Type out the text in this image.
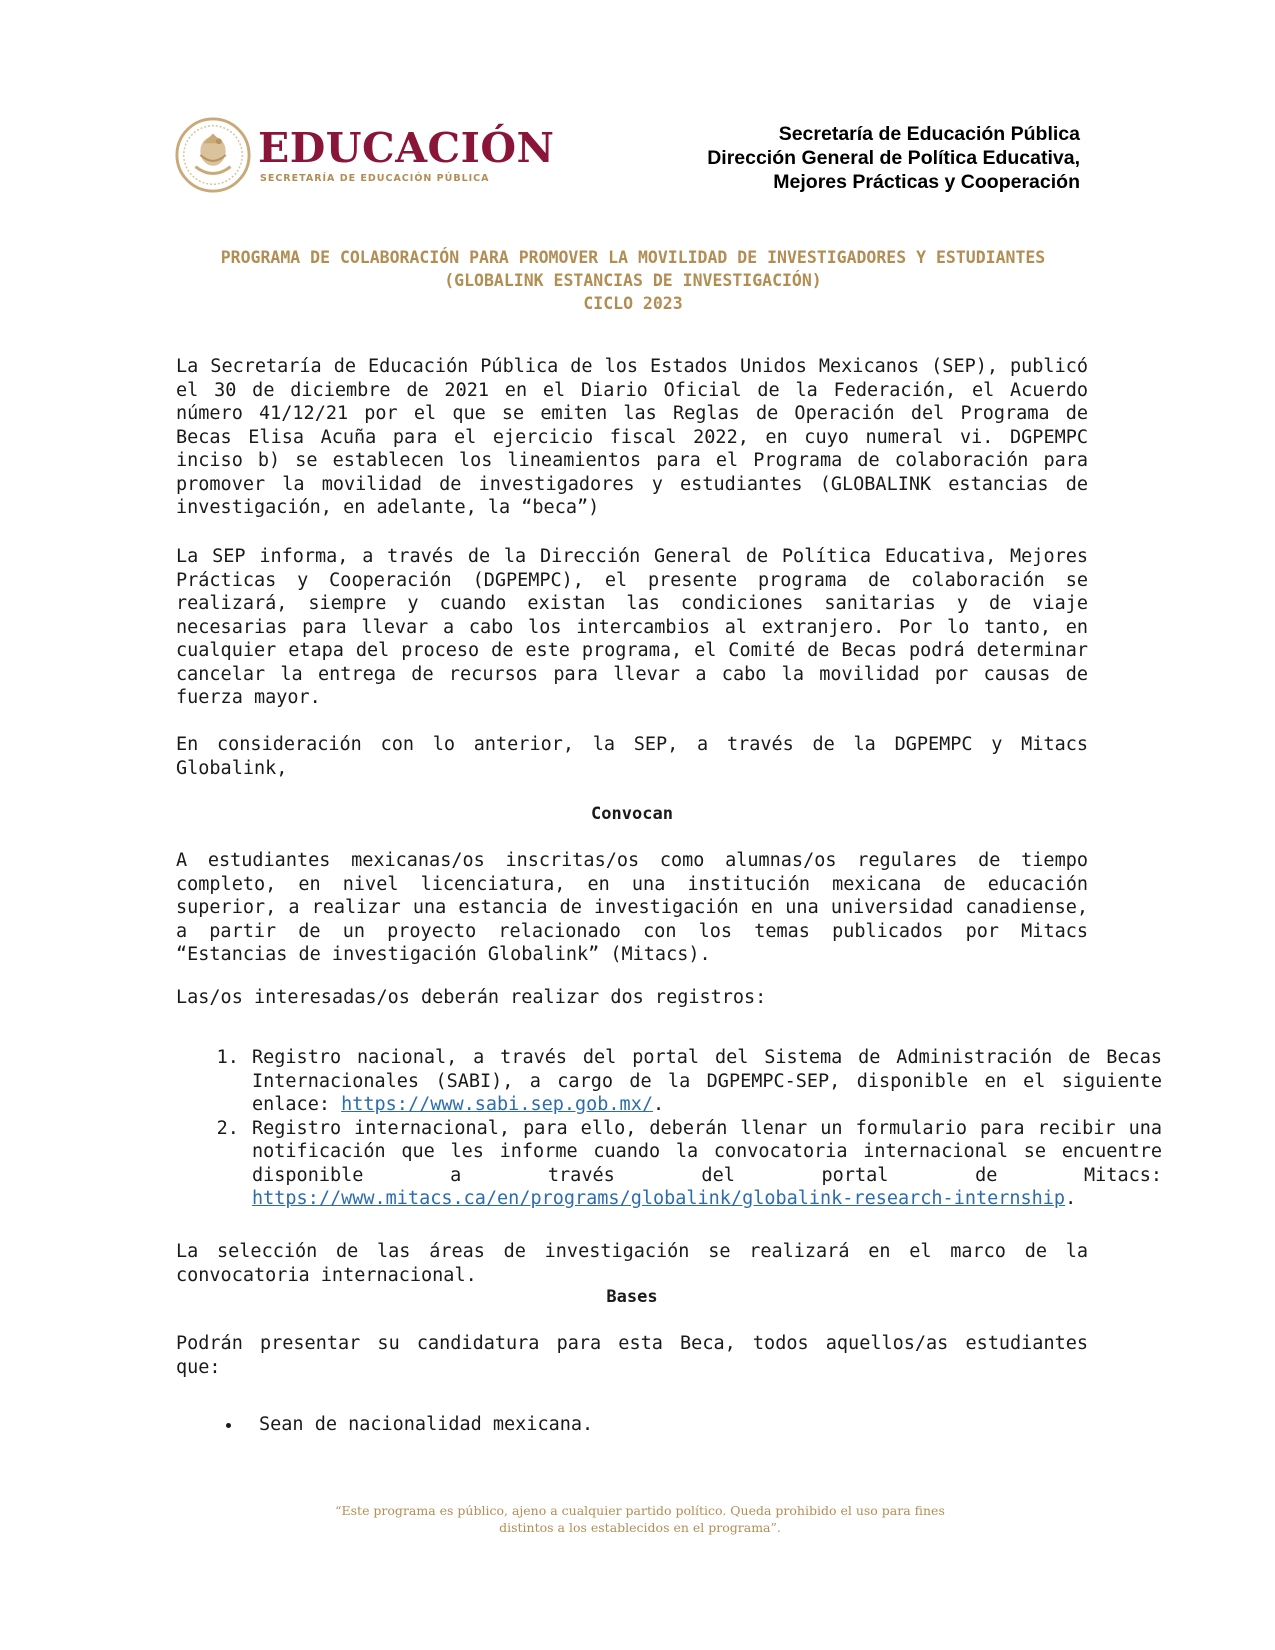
EDUCACIÓN
SECRETARÍA DE EDUCACIÓN PÚBLICA
Secretaría de Educación Pública
Dirección General de Política Educativa,
Mejores Prácticas y Cooperación
PROGRAMA DE COLABORACIÓN PARA PROMOVER LA MOVILIDAD DE INVESTIGADORES Y ESTUDIANTES
(GLOBALINK ESTANCIAS DE INVESTIGACIÓN)
CICLO 2023
La Secretaría de Educación Pública de los Estados Unidos Mexicanos (SEP), publicó el 30 de diciembre de 2021 en el Diario Oficial de la Federación, el Acuerdo número 41/12/21 por el que se emiten las Reglas de Operación del Programa de Becas Elisa Acuña para el ejercicio fiscal 2022, en cuyo numeral vi. DGPEMPC inciso b) se establecen los lineamientos para el Programa de colaboración para promover la movilidad de investigadores y estudiantes (GLOBALINK estancias de investigación, en adelante, la “beca”)
La SEP informa, a través de la Dirección General de Política Educativa, Mejores Prácticas y Cooperación (DGPEMPC), el presente programa de colaboración se realizará, siempre y cuando existan las condiciones sanitarias y de viaje necesarias para llevar a cabo los intercambios al extranjero. Por lo tanto, en cualquier etapa del proceso de este programa, el Comité de Becas podrá determinar cancelar la entrega de recursos para llevar a cabo la movilidad por causas de fuerza mayor.
En consideración con lo anterior, la SEP, a través de la DGPEMPC y Mitacs Globalink,
Convocan
A estudiantes mexicanas/os inscritas/os como alumnas/os regulares de tiempo completo, en nivel licenciatura, en una institución mexicana de educación superior, a realizar una estancia de investigación en una universidad canadiense, a partir de un proyecto relacionado con los temas publicados por Mitacs “Estancias de investigación Globalink” (Mitacs).
Las/os interesadas/os deberán realizar dos registros:
1. Registro nacional, a través del portal del Sistema de Administración de Becas Internacionales (SABI), a cargo de la DGPEMPC-SEP, disponible en el siguiente enlace: https://www.sabi.sep.gob.mx/.
2. Registro internacional, para ello, deberán llenar un formulario para recibir una notificación que les informe cuando la convocatoria internacional se encuentre disponible a través del portal de Mitacs: https://www.mitacs.ca/en/programs/globalink/globalink-research-internship.
La selección de las áreas de investigación se realizará en el marco de la convocatoria internacional.
Bases
Podrán presentar su candidatura para esta Beca, todos aquellos/as estudiantes que:
• Sean de nacionalidad mexicana.
“Este programa es público, ajeno a cualquier partido político. Queda prohibido el uso para fines
distintos a los establecidos en el programa”.
